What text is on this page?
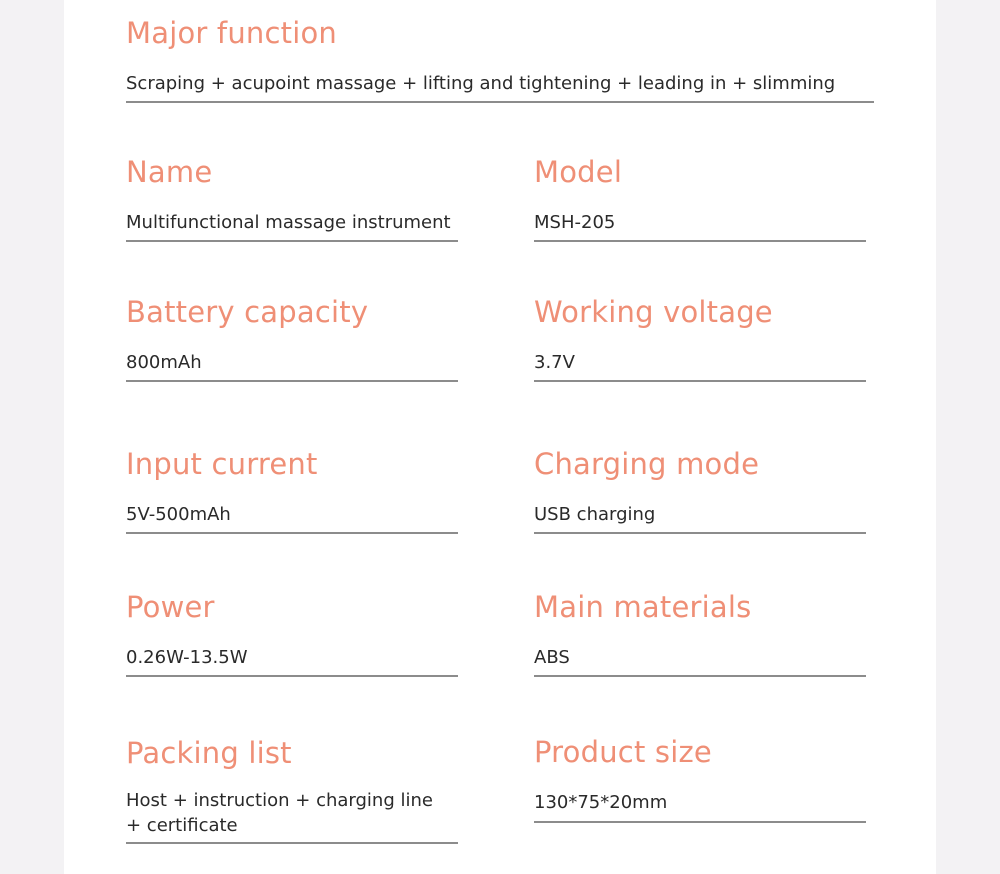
Major function
Scraping + acupoint massage + lifting and tightening + leading in + slimming
Name
Multifunctional massage instrument
Model
MSH-205
Battery capacity
800mAh
Working voltage
3.7V
Input current
5V-500mAh
Charging mode
USB charging
Power
0.26W-13.5W
Main materials
ABS
Packing list
Host + instruction + charging line
+ certificate
Product size
130*75*20mm
